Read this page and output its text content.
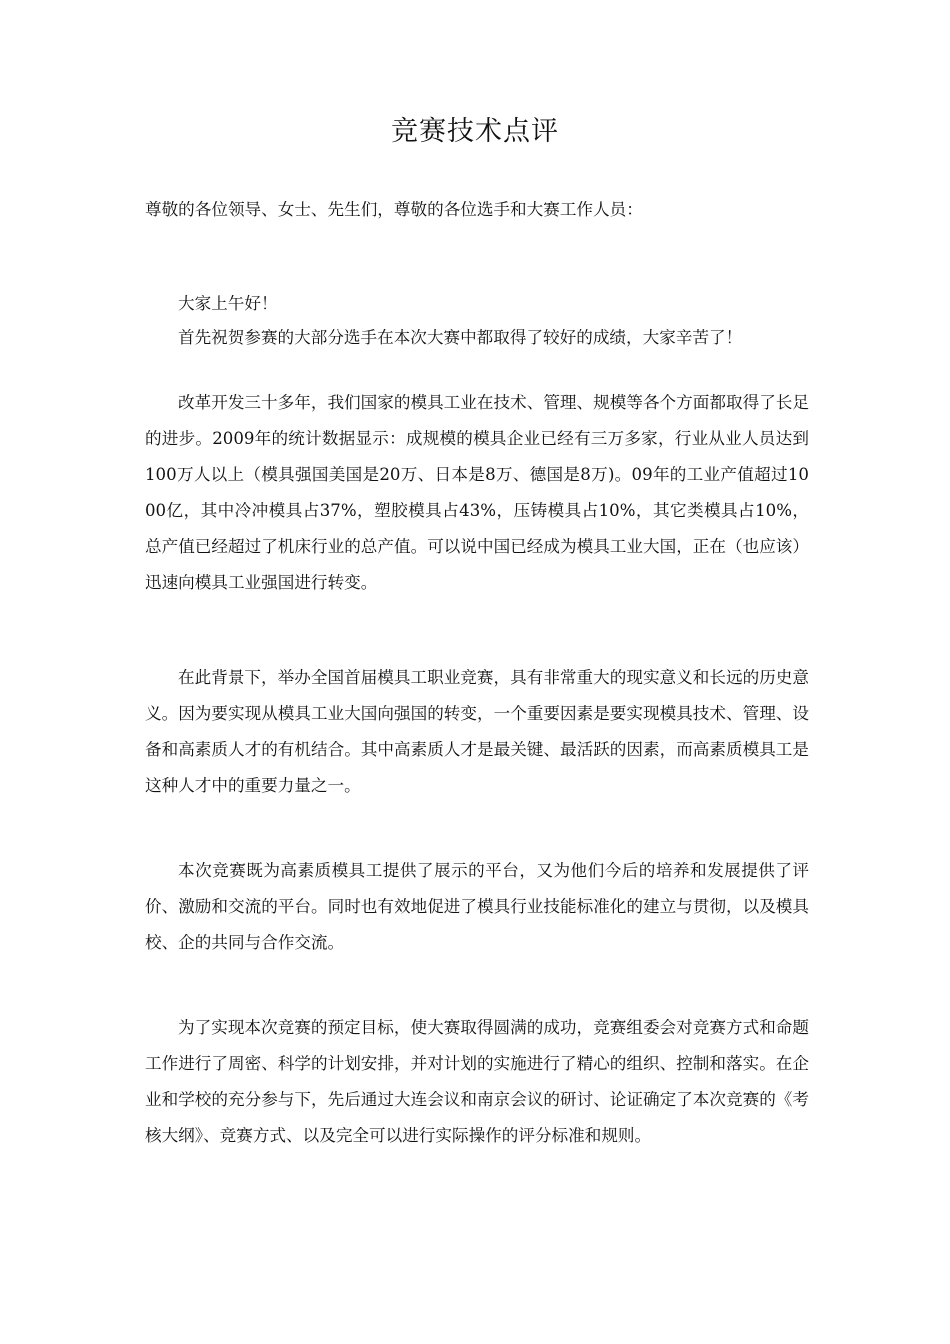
竞赛技术点评

尊敬的各位领导、女士、先生们，尊敬的各位选手和大赛工作人员：

大家上午好！

首先祝贺参赛的大部分选手在本次大赛中都取得了较好的成绩，大家辛苦了！

改革开发三十多年，我们国家的模具工业在技术、管理、规模等各个方面都取得了长足的进步。2009年的统计数据显示：成规模的模具企业已经有三万多家，行业从业人员达到100万人以上（模具强国美国是20万、日本是8万、德国是8万)。09年的工业产值超过1000亿，其中冷冲模具占37%，塑胶模具占43%，压铸模具占10%，其它类模具占10%，总产值已经超过了机床行业的总产值。可以说中国已经成为模具工业大国，正在（也应该）迅速向模具工业强国进行转变。

在此背景下，举办全国首届模具工职业竞赛，具有非常重大的现实意义和长远的历史意义。因为要实现从模具工业大国向强国的转变，一个重要因素是要实现模具技术、管理、设备和高素质人才的有机结合。其中高素质人才是最关键、最活跃的因素，而高素质模具工是这种人才中的重要力量之一。

本次竞赛既为高素质模具工提供了展示的平台，又为他们今后的培养和发展提供了评价、激励和交流的平台。同时也有效地促进了模具行业技能标准化的建立与贯彻，以及模具校、企的共同与合作交流。

为了实现本次竞赛的预定目标，使大赛取得圆满的成功，竞赛组委会对竞赛方式和命题工作进行了周密、科学的计划安排，并对计划的实施进行了精心的组织、控制和落实。在企业和学校的充分参与下，先后通过大连会议和南京会议的研讨、论证确定了本次竞赛的《考核大纲》、竞赛方式、以及完全可以进行实际操作的评分标准和规则。
